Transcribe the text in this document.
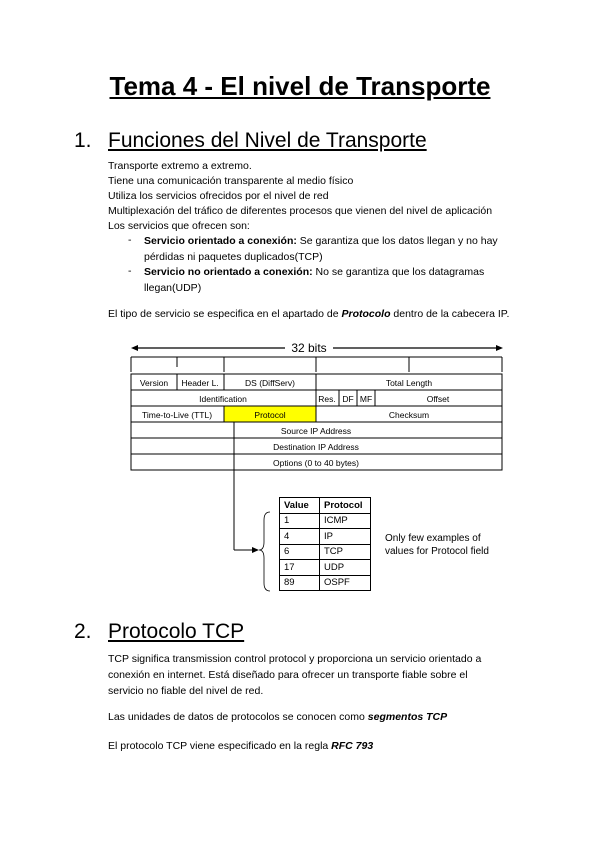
Tema 4 - El nivel de Transporte
1. Funciones del Nivel de Transporte
Transporte extremo a extremo.
Tiene una comunicación transparente al medio físico
Utiliza los servicios ofrecidos por el nivel de red
Multiplexación del tráfico de diferentes procesos que vienen del nivel de aplicación
Los servicios que ofrecen son:
- Servicio orientado a conexión: Se garantiza que los datos llegan y no hay pérdidas ni paquetes duplicados(TCP)
- Servicio no orientado a conexión: No se garantiza que los datagramas llegan(UDP)
El tipo de servicio se especifica en el apartado de Protocolo dentro de la cabecera IP.
32 bits
Version Header L.	DS (DiffServ)	Total Length
Identification	Res. DF MF	Offset
Time-to-Live (TTL)	Protocol	Checksum
Source IP Address
Destination IP Address
Options (0 to 40 bytes)
Value	Protocol
1	ICMP
4	IP
6	TCP
17	UDP
89	OSPF
Only few examples of
values for Protocol field
2. Protocolo TCP
TCP significa transmission control protocol y proporciona un servicio orientado a
conexión en internet. Está diseñado para ofrecer un transporte fiable sobre el
servicio no fiable del nivel de red.
Las unidades de datos de protocolos se conocen como segmentos TCP
El protocolo TCP viene especificado en la regla RFC 793
